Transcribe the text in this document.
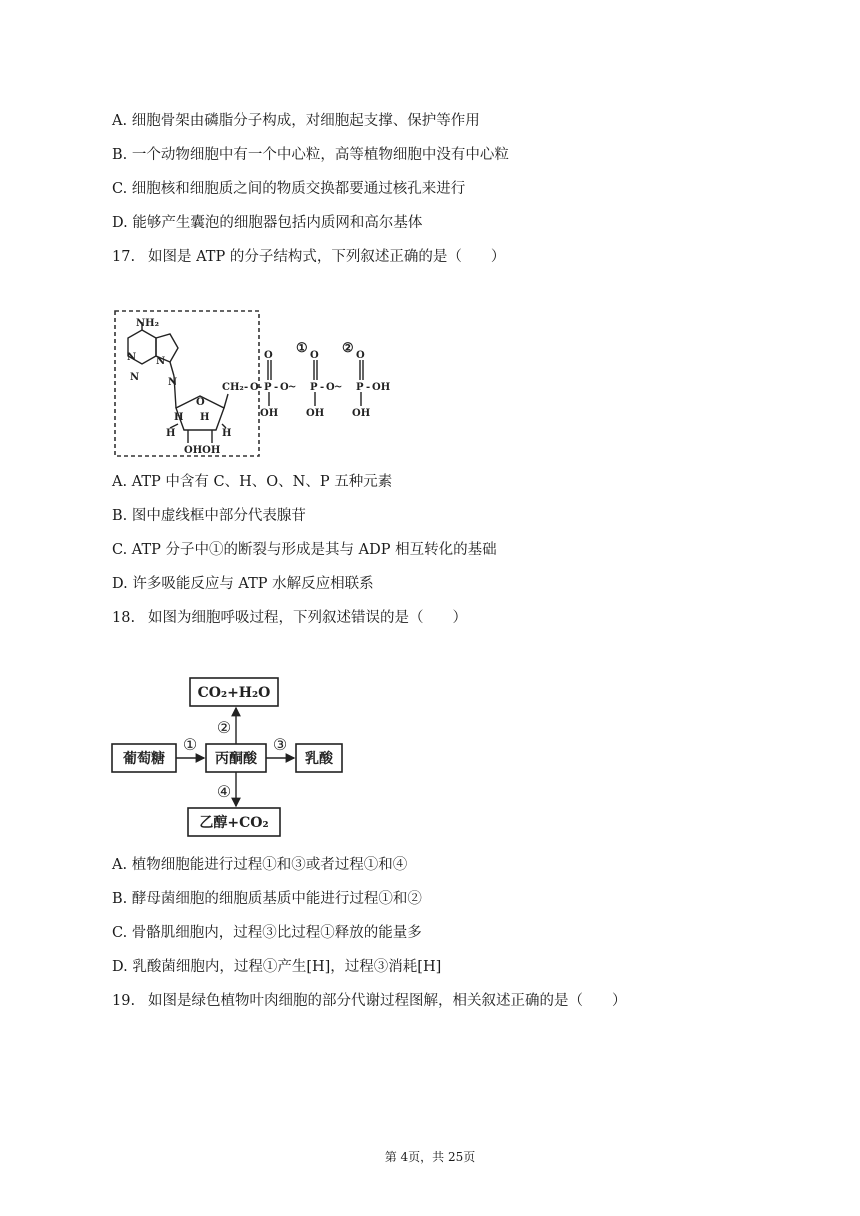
A. 细胞骨架由磷脂分子构成，对细胞起支撑、保护等作用
B. 一个动物细胞中有一个中心粒，高等植物细胞中没有中心粒
C. 细胞核和细胞质之间的物质交换都要通过核孔来进行
D. 能够产生囊泡的细胞器包括内质网和高尔基体
17. 如图是 ATP 的分子结构式，下列叙述正确的是（　　）
NH₂
N
N
N
N
O
H H
H	H
OHOH
CH₂ - O - P
O
OH
- O ~
①
P
O
OH
- O ~
②
P
O
OH
- OH
A. ATP 中含有 C、H、O、N、P 五种元素
B. 图中虚线框中部分代表腺苷
C. ATP 分子中①的断裂与形成是其与 ADP 相互转化的基础
D. 许多吸能反应与 ATP 水解反应相联系
18. 如图为细胞呼吸过程，下列叙述错误的是（　　）
CO₂+H₂O
葡萄糖	丙酮酸	乳酸
乙醇+CO₂
①
②
③
④
A. 植物细胞能进行过程①和③或者过程①和④
B. 酵母菌细胞的细胞质基质中能进行过程①和②
C. 骨骼肌细胞内，过程③比过程①释放的能量多
D. 乳酸菌细胞内，过程①产生[H]，过程③消耗[H]
19. 如图是绿色植物叶肉细胞的部分代谢过程图解，相关叙述正确的是（　　）
第 4页，共 25页
